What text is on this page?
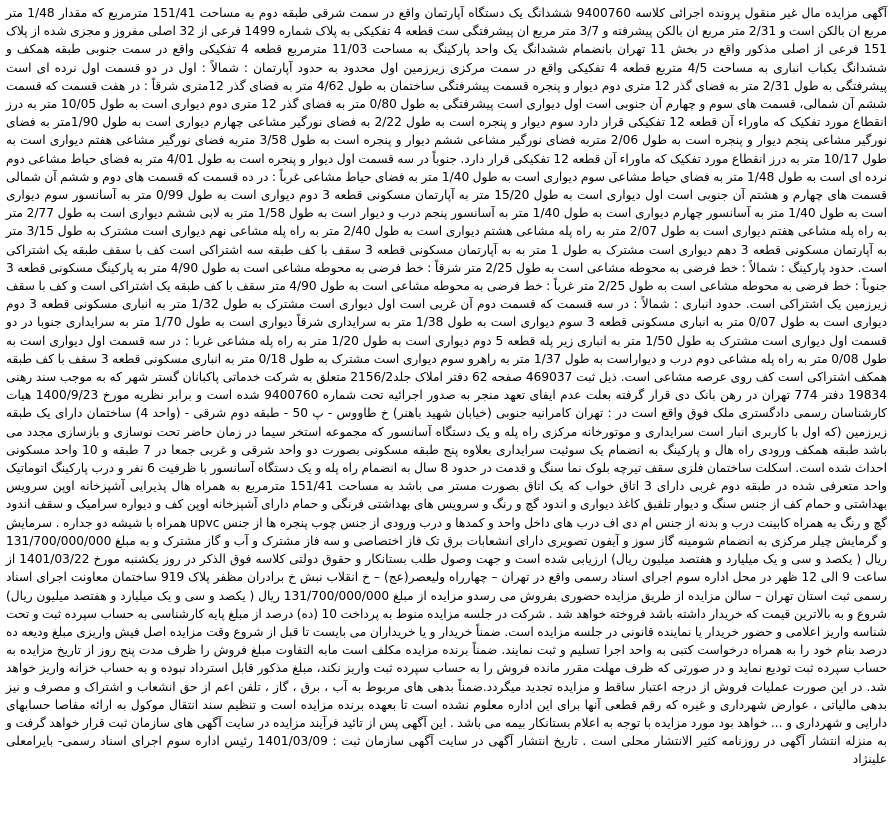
آگهی مزایده مال غیر منقول پرونده اجرائی کلاسه 9400760 ششدانگ یک دستگاه آپارتمان واقع در سمت شرقی طبقه دوم به مساحت 151/41 مترمربع که مقدار 1/48 متر مربع ان بالکن است و 2/31 متر مربع ان بالکن پیشرفته و 3/7 متر مربع ان پیشرفتگی ست قطعه 4 تفکیکی به پلاک شماره 1499 فرعی از 32 اصلی مفروز و مجزی شده از پلاک 151 فرعی از اصلی مذکور واقع در بخش 11 تهران بانضمام ششدانگ یک واحد پارکینگ به مساحت 11/03 مترمربع قطعه 4 تفکیکی واقع در سمت جنوبی طبقه همکف و ششدانگ یکباب انباری به مساحت 4/5 متربع قطعه 4 تفکیکی واقع در سمت مرکزی زیرزمین اول محدود به حدود آپارتمان : شمالاً : اول در دو قسمت اول نرده ای است پیشرفتگی به طول 2/31 متر به فضای گذر 12 متری دوم دیوار و پنجره قسمت پیشرفتگی ساختمان به طول 4/62 متر به فضای گذر 12متری شرقاً : در هفت قسمت که قسمت ششم آن شمالی، قسمت های سوم و چهارم آن جنوبی است اول دیواری است پیشرفتگی به طول 0/80 متر به فضای گذر 12 متری دوم دیواری است به طول 10/05 متر به درز انقطاع مورد تفکیک که ماوراء آن قطعه 12 تفکیکی قرار دارد سوم دیوار و پنجره است به طول 2/22 به فضای نورگیر مشاعی چهارم دیواری است به طول 1/90متر به فضای نورگیر مشاعی پنجم دیوار و پنجره است به طول 2/06 متربه فضای نورگیر مشاعی ششم دیوار و پنجره است به طول 3/58 متربه فضای نورگیر مشاعی هفتم دیواری است به طول 10/17 متر به درز انقطاع مورد تفکیک که ماوراء آن قطعه 12 تفکیکی قرار دارد. جنوباً در سه قسمت اول دیوار و پنجره است به طول 4/01 متر به فضای حیاط مشاعی دوم نرده ای است به طول 1/48 متر به فضای حیاط مشاعی سوم دیواری است به طول 1/40 متر به فضای حیاط مشاعی غرباً : در ده قسمت که قسمت های دوم و ششم آن شمالی قسمت های چهارم و هشتم آن جنوبی است اول دیواری است به طول 15/20 متر به آپارتمان مسکونی قطعه 3 دوم دیواری است به طول 0/99 متر به آسانسور سوم دیواری است به طول 1/40 متر به آسانسور چهارم دیواری است به طول 1/40 متر به آسانسور پنجم درب و دیوار است به طول 1/58 متر به لابی ششم دیواری است به طول 2/77 متر به راه پله مشاعی هفتم دیواری است به طول 2/07 متر به راه پله مشاعی هشتم دیواری است به طول 2/40 متر به راه پله مشاعی نهم دیواری است مشترک به طول 3/15 متر به آپارتمان مسکونی قطعه 3 دهم دیواری است مشترک به طول 1 متر به به آپارتمان مسکونی قطعه 3 سقف با کف طبقه سه اشتراکی است کف با سقف طبقه یک اشتراکی است. حدود پارکینگ : شمالاً : خط فرضی به محوطه مشاعی است به طول 2/25 متر شرقاً : خط فرضی به محوطه مشاعی است به طول 4/90 متر به پارکینگ مسکونی قطعه 3 جنوباً : خط فرضی به محوطه مشاعی است به طول 2/25 متر غرباً : خط فرضی به محوطه مشاعی است به طول 4/90 متر سقف با کف طبقه یک اشتراکی است و کف با سقف زیرزمین یک اشتراکی است. حدود انباری : شمالاً : در سه قسمت که قسمت دوم آن غربی است اول دیواری است مشترک به طول 1/32 متر به انباری مسکونی قطعه 3 دوم دیواری است به طول 0/07 متر به انباری مسکونی قطعه 3 سوم دیواری است به طول 1/38 متر به سرایداری شرقاً دیواری است به طول 1/70 متر به سرایداری جنوبا در دو قسمت اول دیواری است مشترک به طول 1/50 متر به انباری زیر پله قطعه 5 دوم دیواری است به طول 1/20 متر به راه پله مشاعی غربا : در سه قسمت اول دیواری است به طول 0/08 متر به راه پله مشاعی دوم درب و دیواراست به طول 1/37 متر به راهرو سوم دیواری است مشترک به طول 0/18 متر به انباری مسکونی قطعه 3 سقف با کف طبقه همکف اشتراکی است کف روی عرصه مشاعی است. ذیل ثبت 469037 صفحه 62 دفتر املاک جلد2156/2 متعلق به شرکت خدماتی پاکبانان گستر شهر که به موجب سند رهنی 19834 دفتر 774 تهران در رهن بانک دی قرار گرفته بعلت عدم ایفای تعهد منجر به صدور اجرائیه تحت شماره 9400760 شده است و برابر نظریه مورخ 1400/9/23 هیات کارشناسان رسمی دادگستری ملک فوق واقع است در : تهران کامرانیه جنوبی (خیابان شهید باهنر) خ طاووس - پ 50 - طبقه دوم شرقی - (واحد 4) ساختمان دارای یک طبقه زیرزمین (که اول با کاربری انبار است سرایداری و موتورخانه مرکزی راه پله و یک دستگاه آسانسور که مجموعه استخر سیما در زمان حاضر تحت نوسازی و بازسازی مجدد می باشد طبقه همکف ورودی راه هال و پارکینگ به انضمام یک سوئیت سرایداری بعلاوه پنج طبقه مسکونی بصورت دو واحد شرقی و غربی جمعا در 7 طبقه و 10 واحد مسکونی احداث شده است. اسکلت ساختمان فلزی سقف تیرچه بلوک نما سنگ و قدمت در حدود 8 سال به انضمام راه پله و یک دستگاه آسانسور با ظرفیت 6 نفر و درب پارکینگ اتوماتیک واحد متعرفی شده در طبقه دوم غربی دارای 3 اتاق خواب که یک اتاق بصورت مستر می باشد به مساحت 151/41 مترمربع به همراه هال پذیرایی آشپزخانه اوپن سرویس بهداشتی و حمام کف از جنس سنگ و دیوار تلفیق کاغذ دیواری و اندود گچ و رنگ و سرویس های بهداشتی فرنگی و حمام دارای آشپزخانه اوپن کف و دیواره سرامیک و سقف اندود گچ و رنگ به همراه کابینت درب و بدنه از جنس ام دی اف درب های داخل واحد و کمدها و درب ورودی از جنس چوب پنجره ها از جنس upvc همراه با شیشه دو جداره . سرمایش و گرمایش چیلر مرکزی به انضمام شومینه گاز سوز و آیفون تصویری دارای انشعابات برق تک فاز اختصاصی و سه فاز مشترک و آب و گاز مشترک و به مبلغ 131/700/000/000 ریال ( یکصد و سی و یک میلیارد و هفتصد میلیون ریال) ارزیابی شده است و جهت وصول طلب بستانکار و حقوق دولتی کلاسه فوق الذکر در روز یکشنبه مورخ 1401/03/22 از ساعت 9 الی 12 ظهر در محل اداره سوم اجرای اسناد رسمی واقع در تهران – چهارراه ولیعصر(عج) – خ انقلاب نبش خ برادران مظفر پلاک 919 ساختمان معاونت اجرای اسناد رسمی ثبت استان تهران – سالن مزایده از طریق مزایده حضوری بفروش می رسدو مزایده از مبلغ 131/700/000/000 ریال ( یکصد و سی و یک میلیارد و هفتصد میلیون ریال) شروع و به بالاترین قیمت که خریدار داشته باشد فروخته خواهد شد . شرکت در جلسه مزایده منوط به پرداخت 10 (ده) درصد از مبلغ پایه کارشناسی به حساب سپرده ثبت و تحت شناسه واریز اعلامی و حضور خریدار یا نماینده قانونی در جلسه مزایده است. ضمناً خریدار و یا خریداران می بایست تا قبل از شروع وقت مزایده اصل فیش واریزی مبلغ ودیعه ده درصد بنام خود را به همراه درخواست کتبی به واحد اجرا تسلیم و ثبت نمایند. ضمناً برنده مزایده مکلف است مابه التفاوت مبلغ فروش را ظرف مدت پنج روز از تاریخ مزایده به حساب سپرده ثبت توديع نمايد و در صورتی که ظرف مهلت مقرر مانده فروش را به حساب سپرده ثبت واریز نکند، مبلغ مذکور قابل استرداد نبوده و به حساب خزانه واریز خواهد شد. در این صورت عملیات فروش از درجه اعتبار ساقط و مزایده تجدید میگردد.ضمناً بدهی های مربوط به آب ، برق ، گاز ، تلفن اعم از حق انشعاب و اشتراک و مصرف و نیز بدهی مالیاتی ، عوارض شهرداری و غیره که رقم قطعی آنها برای این اداره معلوم نشده است تا بعهده برنده مزایده است و تنظیم سند انتقال موکول به ارائه مفاصا حسابهای دارایی و شهرداری و ... خواهد بود مورد مزایده با توجه به اعلام بستانکار بیمه می باشد . این آگهی پس از تائید فرآیند مزایده در سایت آگهی های سازمان ثبت قرار خواهد گرفت و به منزله انتشار آگهی در روزنامه کثیر الانتشار محلی است . تاریخ انتشار آگهی در سایت آگهی سازمان ثبت : 1401/03/09 رئیس اداره سوم اجرای اسناد رسمی- بایرامعلی علینژاد
